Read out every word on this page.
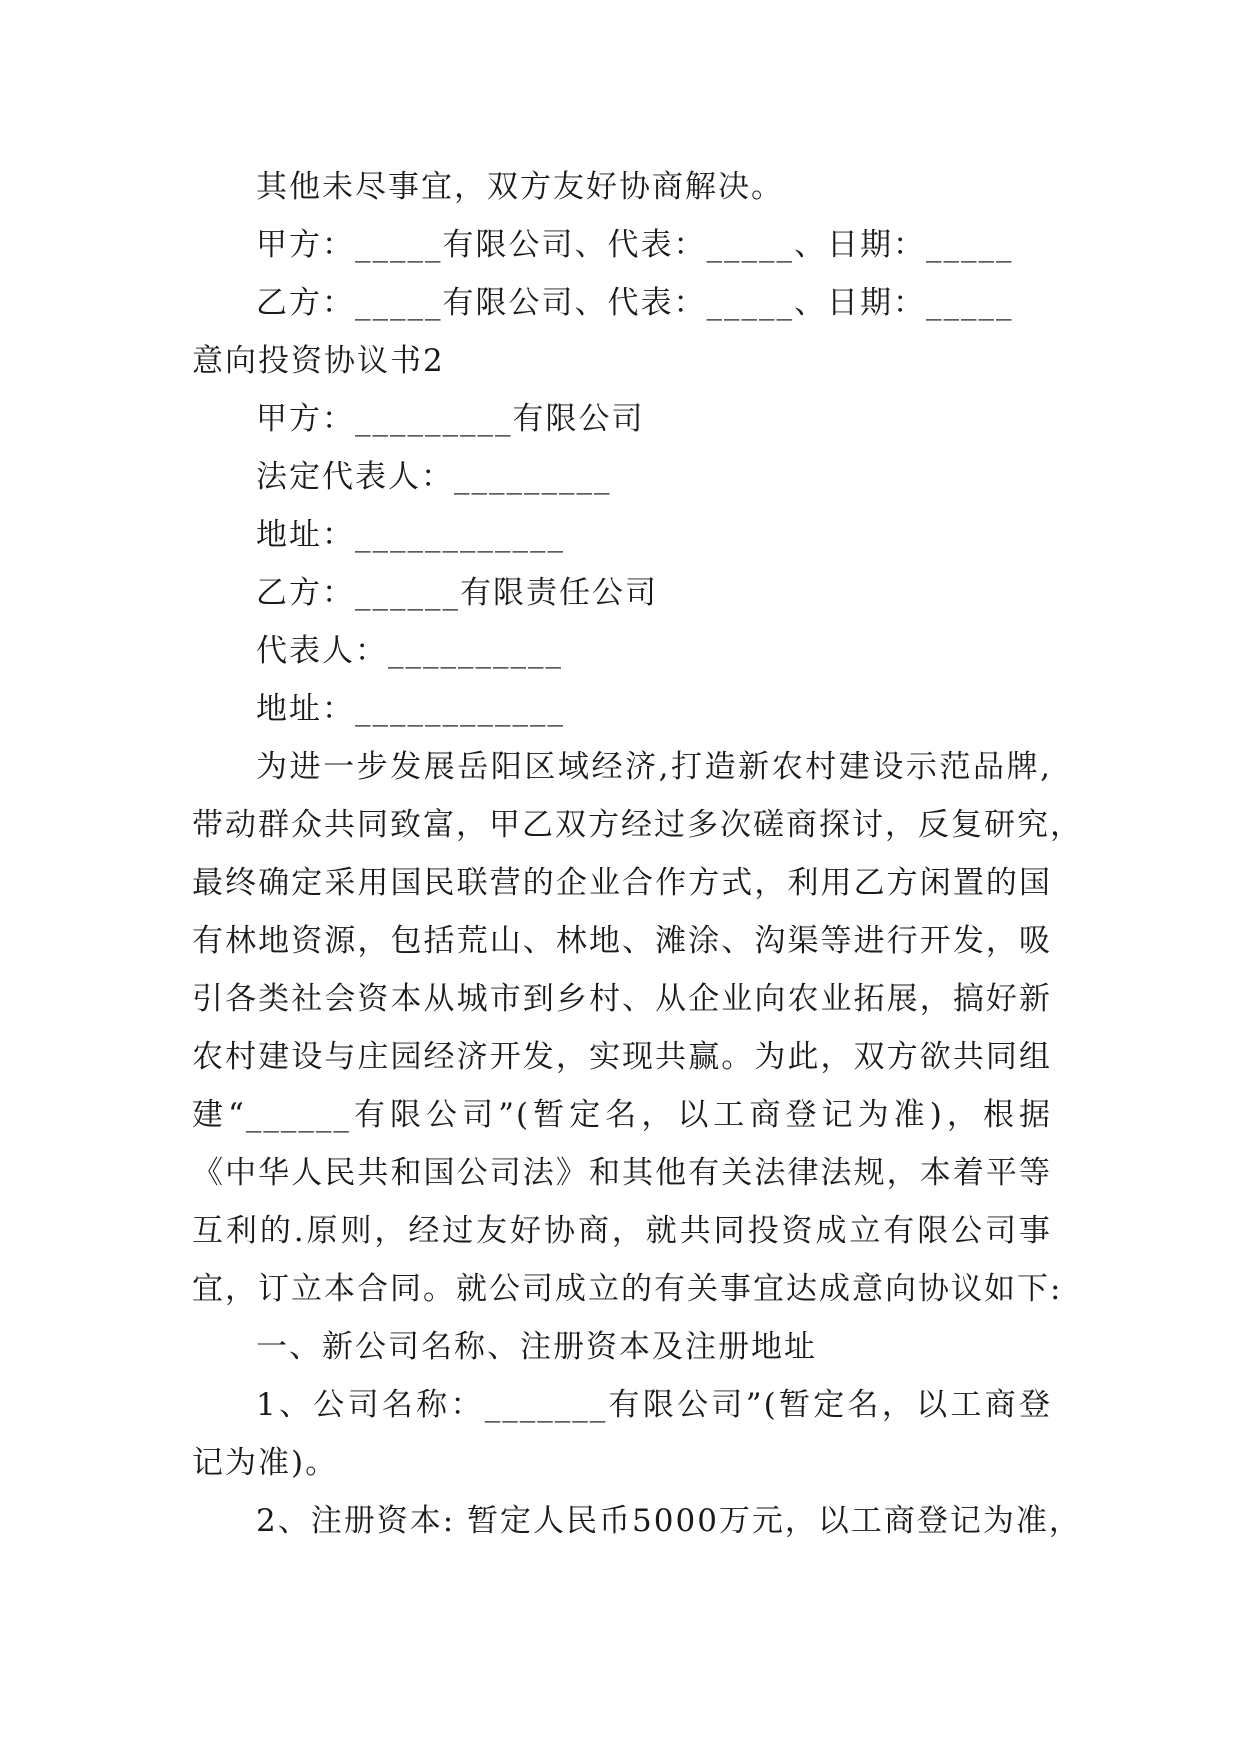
其他未尽事宜，双方友好协商解决。
甲方：_____有限公司、代表：_____、日期：_____
乙方：_____有限公司、代表：_____、日期：_____
意向投资协议书2
甲方：_________有限公司
法定代表人：_________
地址：____________
乙方：______有限责任公司
代表人：__________
地址：____________
为进一步发展岳阳区域经济,打造新农村建设示范品牌,
带动群众共同致富，甲乙双方经过多次磋商探讨，反复研究，
最终确定采用国民联营的企业合作方式，利用乙方闲置的国
有林地资源，包括荒山、林地、滩涂、沟渠等进行开发，吸
引各类社会资本从城市到乡村、从企业向农业拓展，搞好新
农村建设与庄园经济开发，实现共赢。为此，双方欲共同组
建“______有限公司”(暂定名，以工商登记为准)，根据
《中华人民共和国公司法》和其他有关法律法规，本着平等
互利的.原则，经过友好协商，就共同投资成立有限公司事
宜，订立本合同。就公司成立的有关事宜达成意向协议如下:
一、新公司名称、注册资本及注册地址
1、公司名称：_______有限公司”(暂定名，以工商登
记为准)。
2、注册资本: 暂定人民币5000万元，以工商登记为准，
